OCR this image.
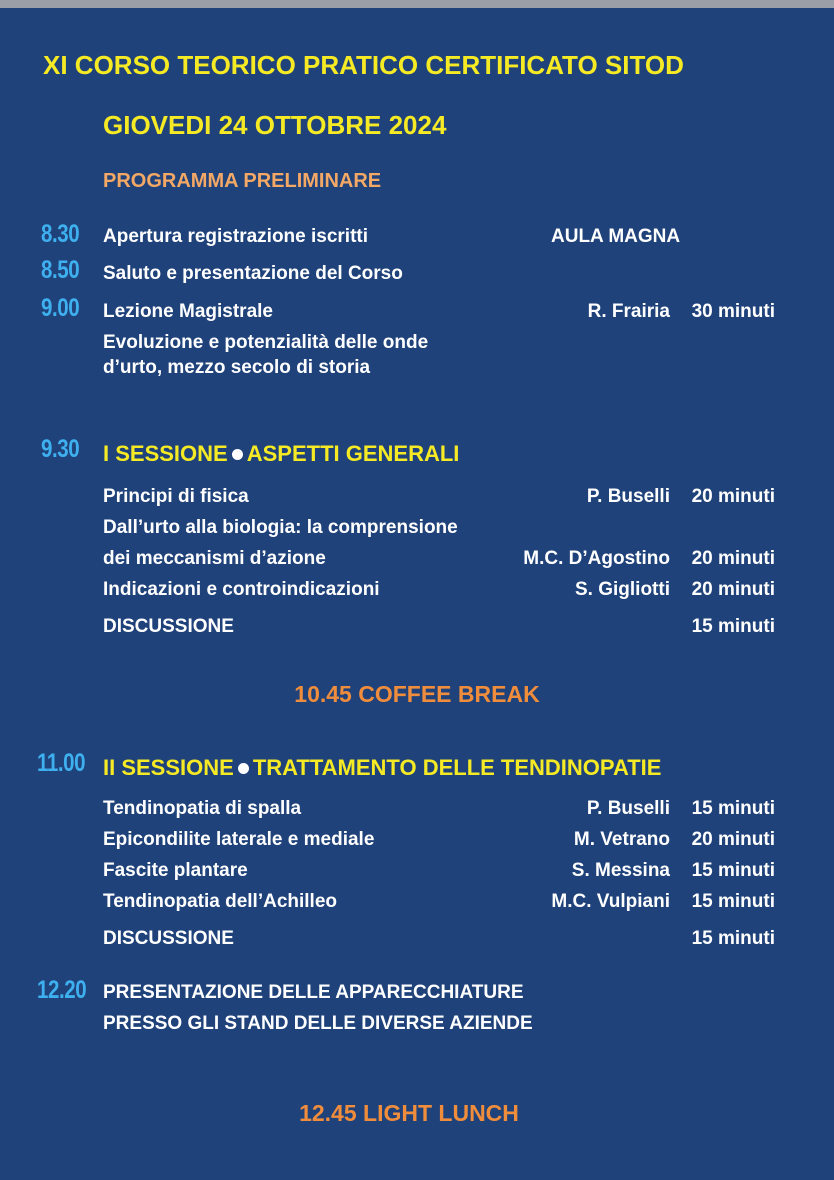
XI CORSO TEORICO PRATICO CERTIFICATO SITOD
GIOVEDI 24 OTTOBRE 2024
PROGRAMMA PRELIMINARE
8.30 Apertura registrazione iscritti	AULA MAGNA
8.50 Saluto e presentazione del Corso
9.00 Lezione Magistrale	R. Frairia 30 minuti
Evoluzione e potenzialità delle onde
d’urto, mezzo secolo di storia
9.30 I SESSIONE ASPETTI GENERALI
Principi di fisica	P. Buselli 20 minuti
Dall’urto alla biologia: la comprensione
dei meccanismi d’azione	M.C. D’Agostino 20 minuti
Indicazioni e controindicazioni	S. Gigliotti 20 minuti
DISCUSSIONE	15 minuti
10.45 COFFEE BREAK
11.00 II SESSIONE TRATTAMENTO DELLE TENDINOPATIE
Tendinopatia di spalla	P. Buselli 15 minuti
Epicondilite laterale e mediale	M. Vetrano 20 minuti
Fascite plantare	S. Messina 15 minuti
Tendinopatia dell’Achilleo	M.C. Vulpiani 15 minuti
DISCUSSIONE	15 minuti
12.20 PRESENTAZIONE DELLE APPARECCHIATURE
PRESSO GLI STAND DELLE DIVERSE AZIENDE
12.45 LIGHT LUNCH
